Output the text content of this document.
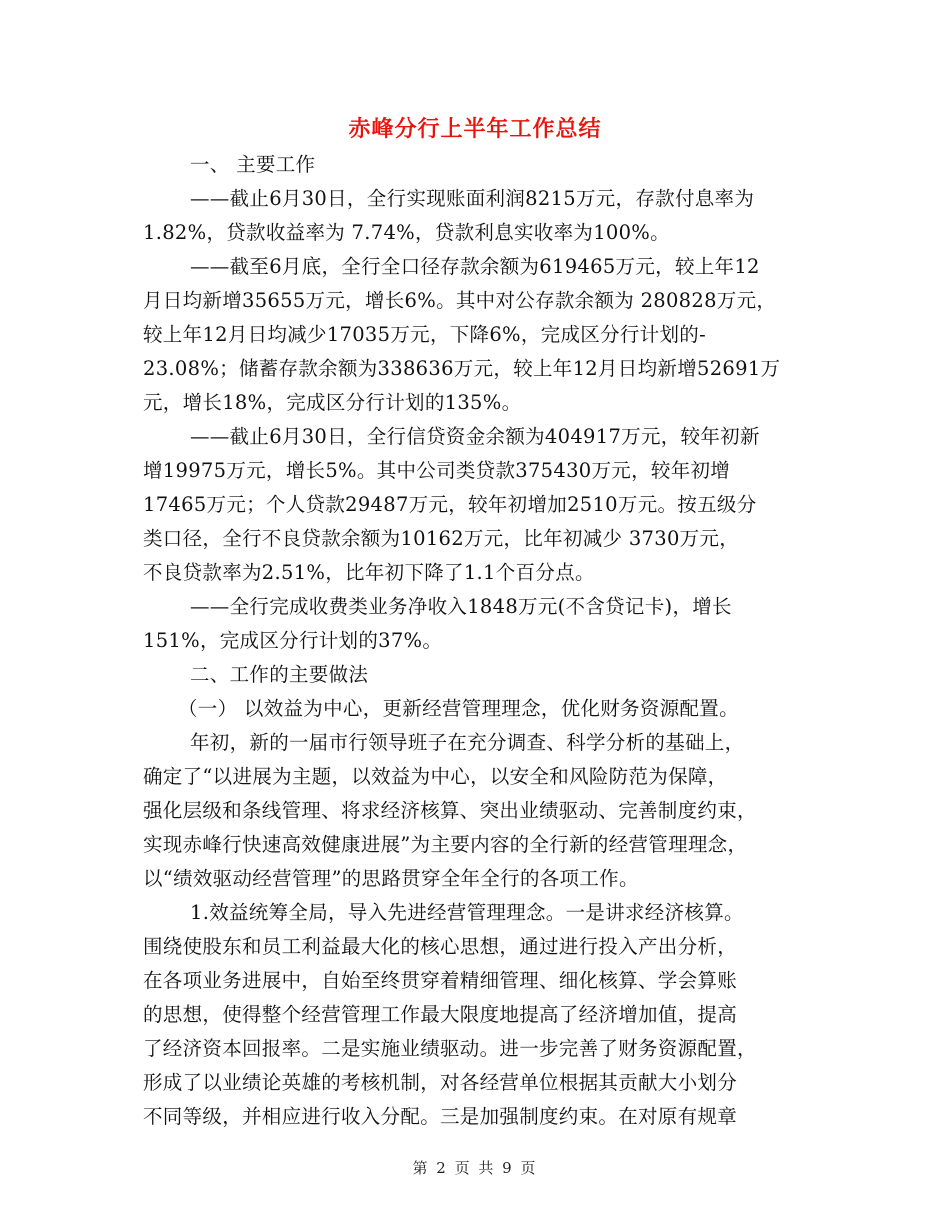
赤峰分行上半年工作总结
一、 主要工作
——截止6月30日，全行实现账面利润8215万元，存款付息率为
1.82%，贷款收益率为 7.74%，贷款利息实收率为100%。
——截至6月底，全行全口径存款余额为619465万元，较上年12
月日均新增35655万元，增长6%。其中对公存款余额为 280828万元，
较上年12月日均减少17035万元，下降6%，完成区分行计划的-
23.08%；储蓄存款余额为338636万元，较上年12月日均新增52691万
元，增长18%，完成区分行计划的135%。
——截止6月30日，全行信贷资金余额为404917万元，较年初新
增19975万元，增长5%。其中公司类贷款375430万元，较年初增
17465万元；个人贷款29487万元，较年初增加2510万元。按五级分
类口径，全行不良贷款余额为10162万元，比年初减少 3730万元，
不良贷款率为2.51%，比年初下降了1.1个百分点。
——全行完成收费类业务净收入1848万元(不含贷记卡)，增长
151%，完成区分行计划的37%。
二、工作的主要做法
（一） 以效益为中心，更新经营管理理念，优化财务资源配置。
年初，新的一届市行领导班子在充分调查、科学分析的基础上，
确定了“以进展为主题，以效益为中心，以安全和风险防范为保障，
强化层级和条线管理、将求经济核算、突出业绩驱动、完善制度约束，
实现赤峰行快速高效健康进展”为主要内容的全行新的经营管理理念，
以“绩效驱动经营管理”的思路贯穿全年全行的各项工作。
1.效益统筹全局，导入先进经营管理理念。一是讲求经济核算。
围绕使股东和员工利益最大化的核心思想，通过进行投入产出分析，
在各项业务进展中，自始至终贯穿着精细管理、细化核算、学会算账
的思想，使得整个经营管理工作最大限度地提高了经济增加值，提高
了经济资本回报率。二是实施业绩驱动。进一步完善了财务资源配置，
形成了以业绩论英雄的考核机制，对各经营单位根据其贡献大小划分
不同等级，并相应进行收入分配。三是加强制度约束。在对原有规章
第 2 页 共 9 页
